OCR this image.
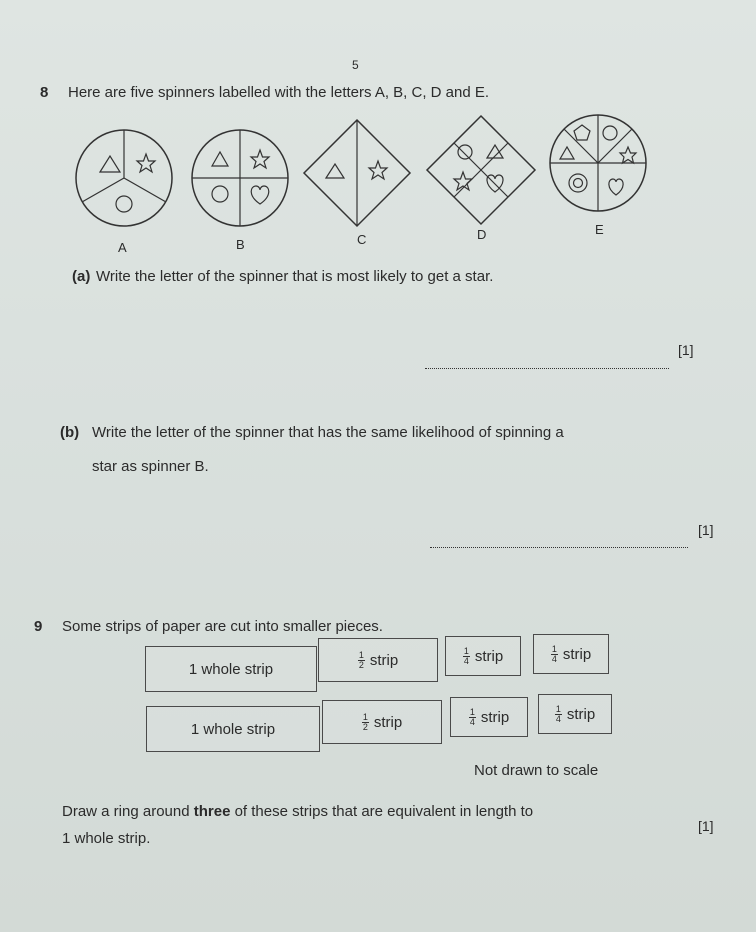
5
8 Here are five spinners labelled with the letters A, B, C, D and E.
A	B	C	D	E
(a) Write the letter of the spinner that is most likely to get a star.
[1]
(b) Write the letter of the spinner that has the same likelihood of spinning a
star as spinner B.
[1]
9 Some strips of paper are cut into smaller pieces.
1 whole strip	$\frac{1}{2}$ strip	$\frac{1}{4}$ strip	$\frac{1}{4}$ strip
1 whole strip	$\frac{1}{2}$ strip	$\frac{1}{4}$ strip	$\frac{1}{4}$ strip
Not drawn to scale
Draw a ring around three of these strips that are equivalent in length to
1 whole strip.
[1]
